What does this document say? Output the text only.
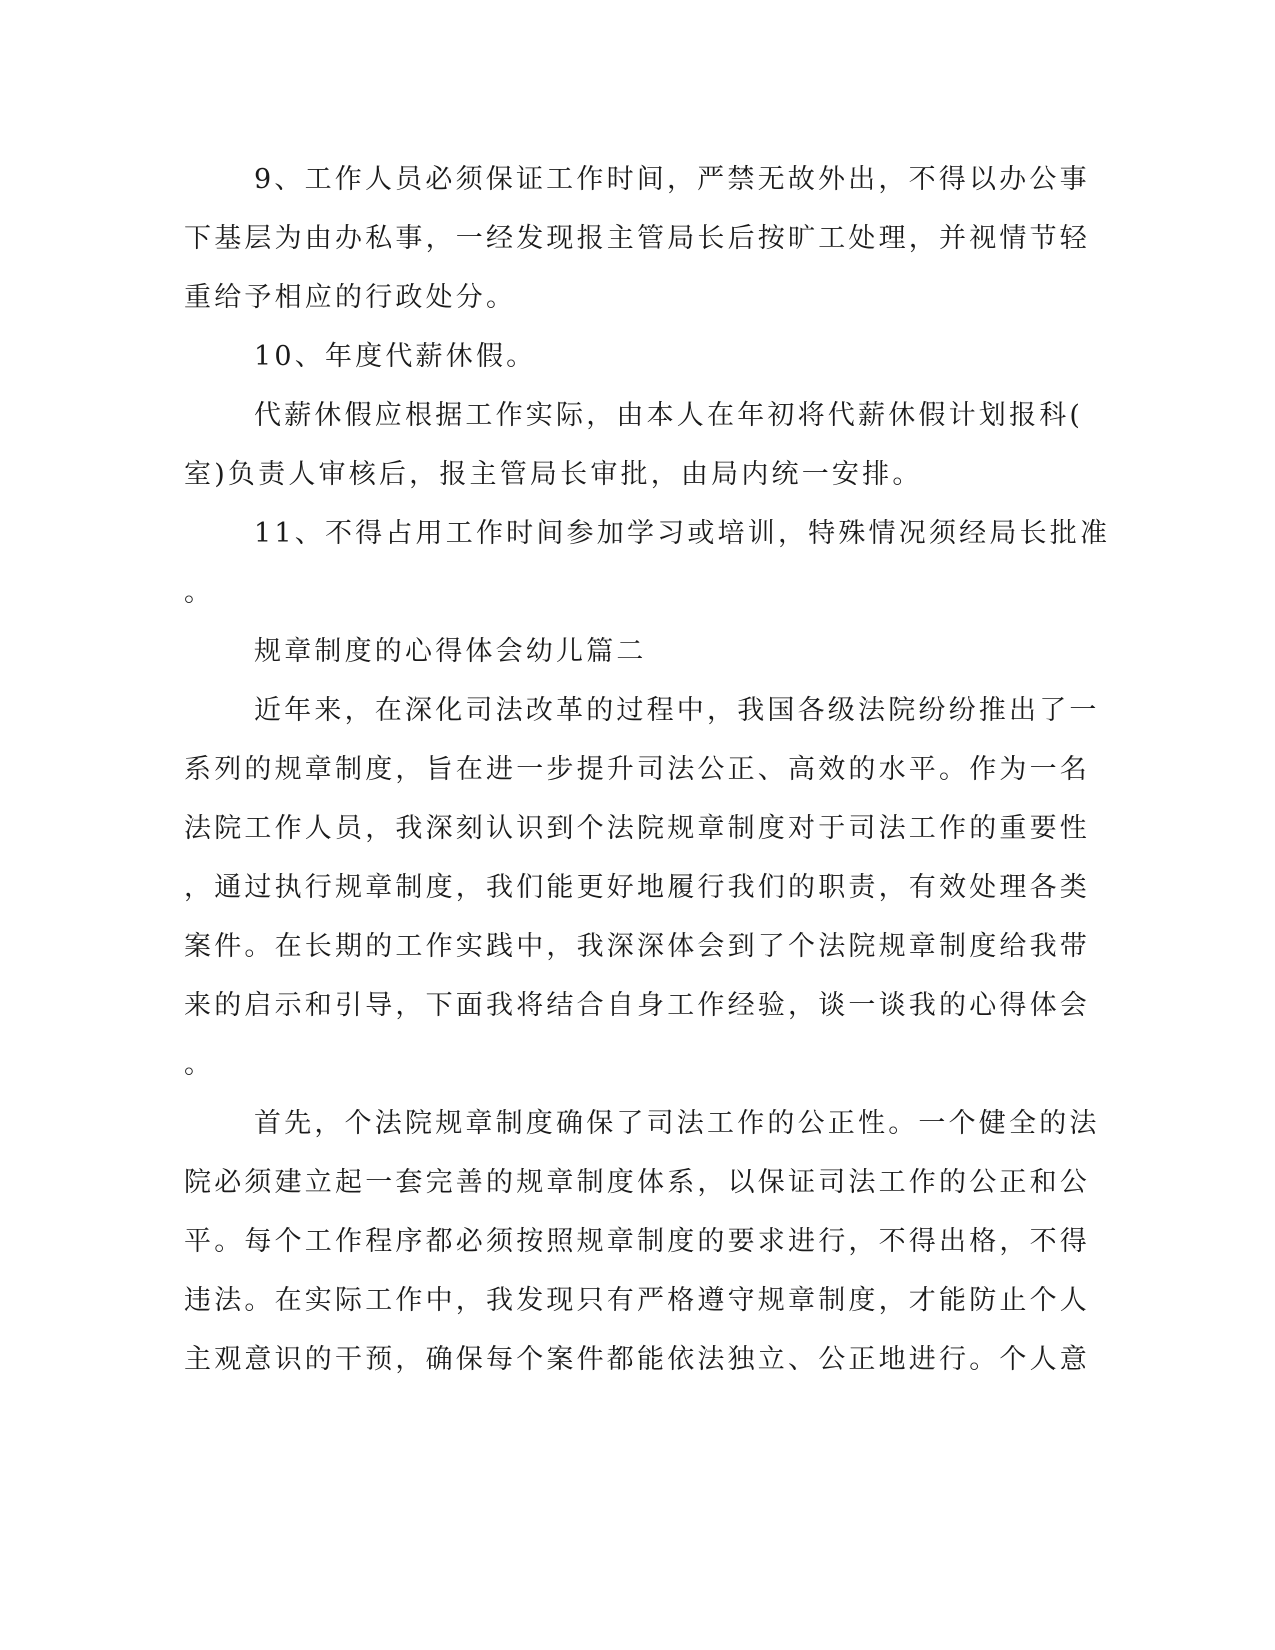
9、工作人员必须保证工作时间，严禁无故外出，不得以办公事
下基层为由办私事，一经发现报主管局长后按旷工处理，并视情节轻
重给予相应的行政处分。
10、年度代薪休假。
代薪休假应根据工作实际，由本人在年初将代薪休假计划报科(
室)负责人审核后，报主管局长审批，由局内统一安排。
11、不得占用工作时间参加学习或培训，特殊情况须经局长批准
。
规章制度的心得体会幼儿篇二
近年来，在深化司法改革的过程中，我国各级法院纷纷推出了一
系列的规章制度，旨在进一步提升司法公正、高效的水平。作为一名
法院工作人员，我深刻认识到个法院规章制度对于司法工作的重要性
，通过执行规章制度，我们能更好地履行我们的职责，有效处理各类
案件。在长期的工作实践中，我深深体会到了个法院规章制度给我带
来的启示和引导，下面我将结合自身工作经验，谈一谈我的心得体会
。
首先，个法院规章制度确保了司法工作的公正性。一个健全的法
院必须建立起一套完善的规章制度体系，以保证司法工作的公正和公
平。每个工作程序都必须按照规章制度的要求进行，不得出格，不得
违法。在实际工作中，我发现只有严格遵守规章制度，才能防止个人
主观意识的干预，确保每个案件都能依法独立、公正地进行。个人意
